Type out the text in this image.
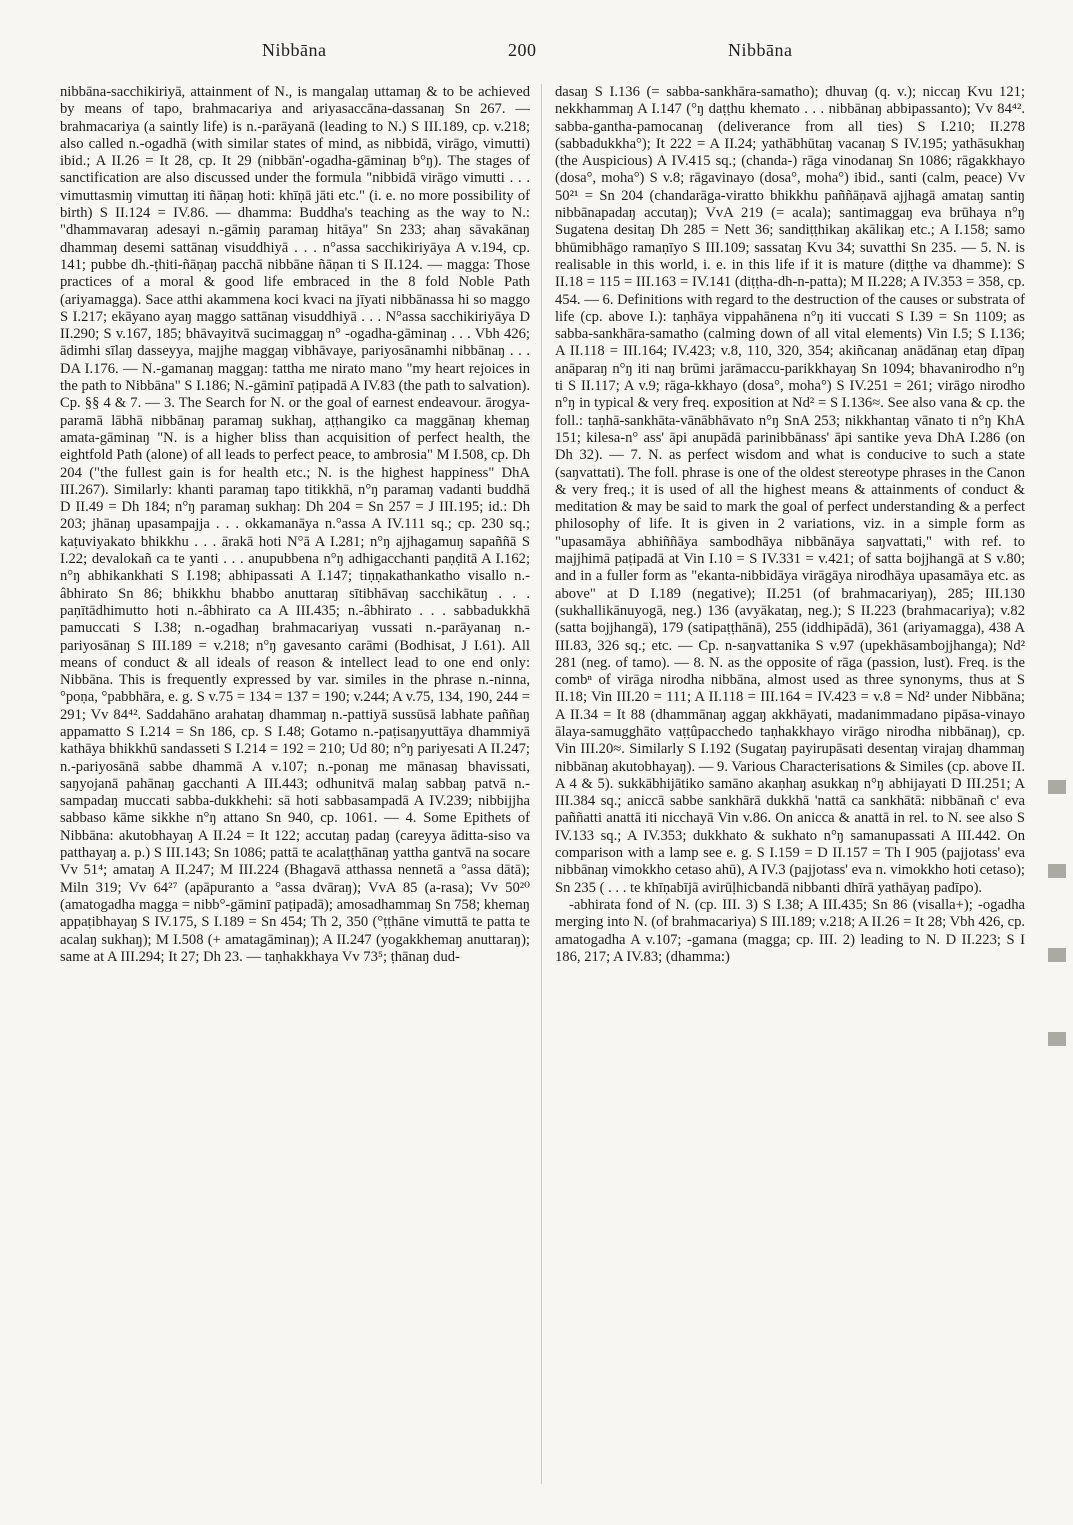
Nibbāna	200	Nibbāna

nibbāna-sacchikiriyā, attainment of N., is mangalaŋ uttamaŋ & to be achieved by means of tapo, brahmacariya and ariyasaccāna-dassanaŋ Sn 267. — brahmacariya (a saintly life) is n.-parāyanā (leading to N.) S III.189, cp. v.218; also called n.-ogadhā (with similar states of mind, as nibbidā, virāgo, vimutti) ibid.; A II.26 = It 28, cp. It 29 (nibbān'-ogadha-gāminaŋ b°ŋ). The stages of sanctification are also discussed under the formula "nibbidā virāgo vimutti . . . vimuttasmiŋ vimuttaŋ iti ñāṇaŋ hoti: khīṇā jāti etc." (i. e. no more possibility of birth) S II.124 = IV.86. — dhamma: Buddha's teaching as the way to N.: "dhammavaraŋ adesayi n.-gāmiŋ paramaŋ hitāya" Sn 233; ahaŋ sāvakānaŋ dhammaŋ desemi sattānaŋ visuddhiyā . . . n°assa sacchikiriyāya A v.194, cp. 141; pubbe dh.-ṭhiti-ñāṇaŋ pacchā nibbāne ñāṇan ti S II.124. — magga: Those practices of a moral & good life embraced in the 8 fold Noble Path (ariyamagga). Sace atthi akammena koci kvaci na jīyati nibbānassa hi so maggo S I.217; ekāyano ayaŋ maggo sattānaŋ visuddhiyā . . . N°assa sacchikiriyāya D II.290; S v.167, 185; bhāvayitvā sucimaggaŋ n° -ogadha-gāminaŋ . . . Vbh 426; ādimhi sīlaŋ dasseyya, majjhe maggaŋ vibhāvaye, pariyosānamhi nibbānaŋ . . . DA I.176. — N.-gamanaŋ maggaŋ: tattha me nirato mano "my heart rejoices in the path to Nibbāna" S I.186; N.-gāminī paṭipadā A IV.83 (the path to salvation). Cp. §§ 4 & 7. — 3. The Search for N. or the goal of earnest endeavour. ārogya-paramā lābhā nibbānaŋ paramaŋ sukhaŋ, aṭṭhangiko ca maggānaŋ khemaŋ amata-gāminaŋ "N. is a higher bliss than acquisition of perfect health, the eightfold Path (alone) of all leads to perfect peace, to ambrosia" M I.508, cp. Dh 204 ("the fullest gain is for health etc.; N. is the highest happiness" DhA III.267). Similarly: khanti paramaŋ tapo titikkhā, n°ŋ paramaŋ vadanti buddhā D II.49 = Dh 184; n°ŋ paramaŋ sukhaŋ: Dh 204 = Sn 257 = J III.195; id.: Dh 203; jhānaŋ upasampajja . . . okkamanāya n.°assa A IV.111 sq.; cp. 230 sq.; kaṭuviyakato bhikkhu . . . ārakā hoti N°ā A I.281; n°ŋ ajjhagamuŋ sapaññā S I.22; devalokañ ca te yanti . . . anupubbena n°ŋ adhigacchanti paṇḍitā A I.162; n°ŋ abhikankhati S I.198; abhipassati A I.147; tiṇṇakathankatho visallo n.-âbhirato Sn 86; bhikkhu bhabbo anuttaraŋ sītibhāvaŋ sacchikātuŋ . . . paṇītādhimutto hoti n.-âbhirato ca A III.435; n.-âbhirato . . . sabbadukkhā pamuccati S I.38; n.-ogadhaŋ brahmacariyaŋ vussati n.-parāyanaŋ n.-pariyosānaŋ S III.189 = v.218; n°ŋ gavesanto carāmi (Bodhisat, J I.61). All means of conduct & all ideals of reason & intellect lead to one end only: Nibbāna. This is frequently expressed by var. similes in the phrase n.-ninna, °poṇa, °pabbhāra, e. g. S v.75 = 134 = 137 = 190; v.244; A v.75, 134, 190, 244 = 291; Vv 84⁴². Saddahāno arahataŋ dhammaŋ n.-pattiyā sussūsā labhate paññaŋ appamatto S I.214 = Sn 186, cp. S I.48; Gotamo n.-paṭisaŋyuttāya dhammiyā kathāya bhikkhū sandasseti S I.214 = 192 = 210; Ud 80; n°ŋ pariyesati A II.247; n.-pariyosānā sabbe dhammā A v.107; n.-ponaŋ me mānasaŋ bhavissati, saŋyojanā pahānaŋ gacchanti A III.443; odhunitvā malaŋ sabbaŋ patvā n.-sampadaŋ muccati sabba-dukkhehi: sā hoti sabbasampadā A IV.239; nibbijjha sabbaso kāme sikkhe n°ŋ attano Sn 940, cp. 1061. — 4. Some Epithets of Nibbāna: akutobhayaŋ A II.24 = It 122; accutaŋ padaŋ (careyya āditta-siso va patthayaŋ a. p.) S III.143; Sn 1086; pattā te acalaṭṭhānaŋ yattha gantvā na socare Vv 51⁴; amataŋ A II.247; M III.224 (Bhagavā atthassa nennetā a °assa dātā); Miln 319; Vv 64²⁷ (apāpuranto a °assa dvāraŋ); VvA 85 (a-rasa); Vv 50²⁰ (amatogadha magga = nibb°-gāminī paṭipadā); amosadhammaŋ Sn 758; khemaŋ appaṭibhayaŋ S IV.175, S I.189 = Sn 454; Th 2, 350 (°ṭṭhāne vimuttā te patta te acalaŋ sukhaŋ); M I.508 (+ amatagāminaŋ); A II.247 (yogakkhemaŋ anuttaraŋ); same at A III.294; It 27; Dh 23. — taṇhakkhaya Vv 73⁵; ṭhānaŋ dud-

dasaŋ S I.136 (= sabba-sankhāra-samatho); dhuvaŋ (q. v.); niccaŋ Kvu 121; nekkhammaŋ A I.147 (°ŋ daṭṭhu khemato . . . nibbānaŋ abbipassanto); Vv 84⁴². sabba-gantha-pamocanaŋ (deliverance from all ties) S I.210; II.278 (sabbadukkha°); It 222 = A II.24; yathābhūtaŋ vacanaŋ S IV.195; yathāsukhaŋ (the Auspicious) A IV.415 sq.; (chanda-) rāga vinodanaŋ Sn 1086; rāgakkhayo (dosa°, moha°) S v.8; rāgavinayo (dosa°, moha°) ibid., santi (calm, peace) Vv 50²¹ = Sn 204 (chandarāga-viratto bhikkhu paññāṇavā ajjhagā amataŋ santiŋ nibbānapadaŋ accutaŋ); VvA 219 (= acala); santimaggaŋ eva brūhaya n°ŋ Sugatena desitaŋ Dh 285 = Nett 36; sandiṭṭhikaŋ akālikaŋ etc.; A I.158; samo bhūmibhāgo ramaṇīyo S III.109; sassataŋ Kvu 34; suvatthi Sn 235. — 5. N. is realisable in this world, i. e. in this life if it is mature (diṭṭhe va dhamme): S II.18 = 115 = III.163 = IV.141 (diṭṭha-dh-n-patta); M II.228; A IV.353 = 358, cp. 454. — 6. Definitions with regard to the destruction of the causes or substrata of life (cp. above I.): taṇhāya vippahānena n°ŋ iti vuccati S I.39 = Sn 1109; as sabba-sankhāra-samatho (calming down of all vital elements) Vin I.5; S I.136; A II.118 = III.164; IV.423; v.8, 110, 320, 354; akiñcanaŋ anādānaŋ etaŋ dīpaŋ anāparaŋ n°ŋ iti naŋ brūmi jarāmaccu-parikkhayaŋ Sn 1094; bhavanirodho n°ŋ ti S II.117; A v.9; rāga-kkhayo (dosa°, moha°) S IV.251 = 261; virāgo nirodho n°ŋ in typical & very freq. exposition at Nd² = S I.136≈. See also vana & cp. the foll.: taṇhā-sankhāta-vānābhāvato n°ŋ SnA 253; nikkhantaŋ vānato ti n°ŋ KhA 151; kilesa-n° ass' āpi anupādā parinibbānass' āpi santike yeva DhA I.286 (on Dh 32). — 7. N. as perfect wisdom and what is conducive to such a state (saŋvattati). The foll. phrase is one of the oldest stereotype phrases in the Canon & very freq.; it is used of all the highest means & attainments of conduct & meditation & may be said to mark the goal of perfect understanding & a perfect philosophy of life. It is given in 2 variations, viz. in a simple form as "upasamāya abhiññāya sambodhāya nibbānāya saŋvattati," with ref. to majjhimā paṭipadā at Vin I.10 = S IV.331 = v.421; of satta bojjhangā at S v.80; and in a fuller form as "ekanta-nibbidāya virāgāya nirodhāya upasamāya etc. as above" at D I.189 (negative); II.251 (of brahmacariyaŋ), 285; III.130 (sukhallikānuyogā, neg.) 136 (avyākataŋ, neg.); S II.223 (brahmacariya); v.82 (satta bojjhangā), 179 (satipaṭṭhānā), 255 (iddhipādā), 361 (ariyamagga), 438 A III.83, 326 sq.; etc. — Cp. n-saŋvattanika S v.97 (upekhāsambojjhanga); Nd² 281 (neg. of tamo). — 8. N. as the opposite of rāga (passion, lust). Freq. is the combⁿ of virāga nirodha nibbāna, almost used as three synonyms, thus at S II.18; Vin III.20 = 111; A II.118 = III.164 = IV.423 = v.8 = Nd² under Nibbāna; A II.34 = It 88 (dhammānaŋ aggaŋ akkhāyati, madanimmadano pipāsa-vinayo ālaya-samugghāto vaṭṭûpacchedo taṇhakkhayo virāgo nirodha nibbānaŋ), cp. Vin III.20≈. Similarly S I.192 (Sugataŋ payirupāsati desentaŋ virajaŋ dhammaŋ nibbānaŋ akutobhayaŋ). — 9. Various Characterisations & Similes (cp. above II. A 4 & 5). sukkābhijātiko samāno akaṇhaŋ asukkaŋ n°ŋ abhijayati D III.251; A III.384 sq.; aniccā sabbe sankhārā dukkhā 'nattā ca sankhātā: nibbānañ c' eva paññatti anattā iti nicchayā Vin v.86. On anicca & anattā in rel. to N. see also S IV.133 sq.; A IV.353; dukkhato & sukhato n°ŋ samanupassati A III.442. On comparison with a lamp see e. g. S I.159 = D II.157 = Th I 905 (pajjotass' eva nibbānaŋ vimokkho cetaso ahū), A IV.3 (pajjotass' eva n. vimokkho hoti cetaso); Sn 235 ( . . . te khīṇabījā avirūḷhicbandā nibbanti dhīrā yathāyaŋ padīpo).

-abhirata fond of N. (cp. III. 3) S I.38; A III.435; Sn 86 (visalla+); -ogadha merging into N. (of brahmacariya) S III.189; v.218; A II.26 = It 28; Vbh 426, cp. amatogadha A v.107; -gamana (magga; cp. III. 2) leading to N. D II.223; S I 186, 217; A IV.83; (dhamma:)
